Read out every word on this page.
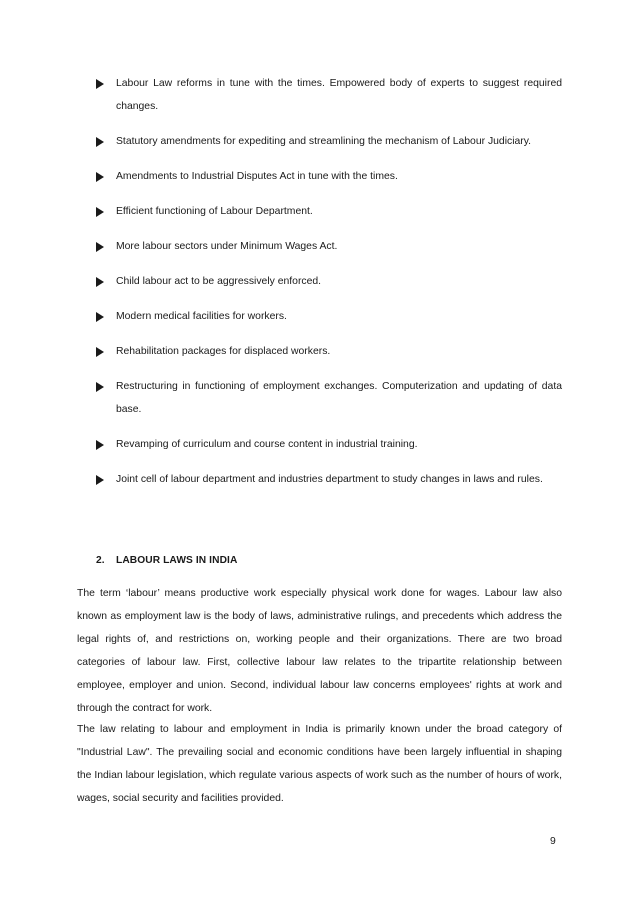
Labour Law reforms in tune with the times. Empowered body of experts to suggest required changes.
Statutory amendments for expediting and streamlining the mechanism of Labour Judiciary.
Amendments to Industrial Disputes Act in tune with the times.
Efficient functioning of Labour Department.
More labour sectors under Minimum Wages Act.
Child labour act to be aggressively enforced.
Modern medical facilities for workers.
Rehabilitation packages for displaced workers.
Restructuring in functioning of employment exchanges. Computerization and updating of data base.
Revamping of curriculum and course content in industrial training.
Joint cell of labour department and industries department to study changes in laws and rules.
2. LABOUR LAWS IN INDIA

The term ‘labour’ means productive work especially physical work done for wages. Labour law also known as employment law is the body of laws, administrative rulings, and precedents which address the legal rights of, and restrictions on, working people and their organizations. There are two broad categories of labour law. First, collective labour law relates to the tripartite relationship between employee, employer and union. Second, individual labour law concerns employees' rights at work and through the contract for work.

The law relating to labour and employment in India is primarily known under the broad category of "Industrial Law". The prevailing social and economic conditions have been largely influential in shaping the Indian labour legislation, which regulate various aspects of work such as the number of hours of work, wages, social security and facilities provided.

9
